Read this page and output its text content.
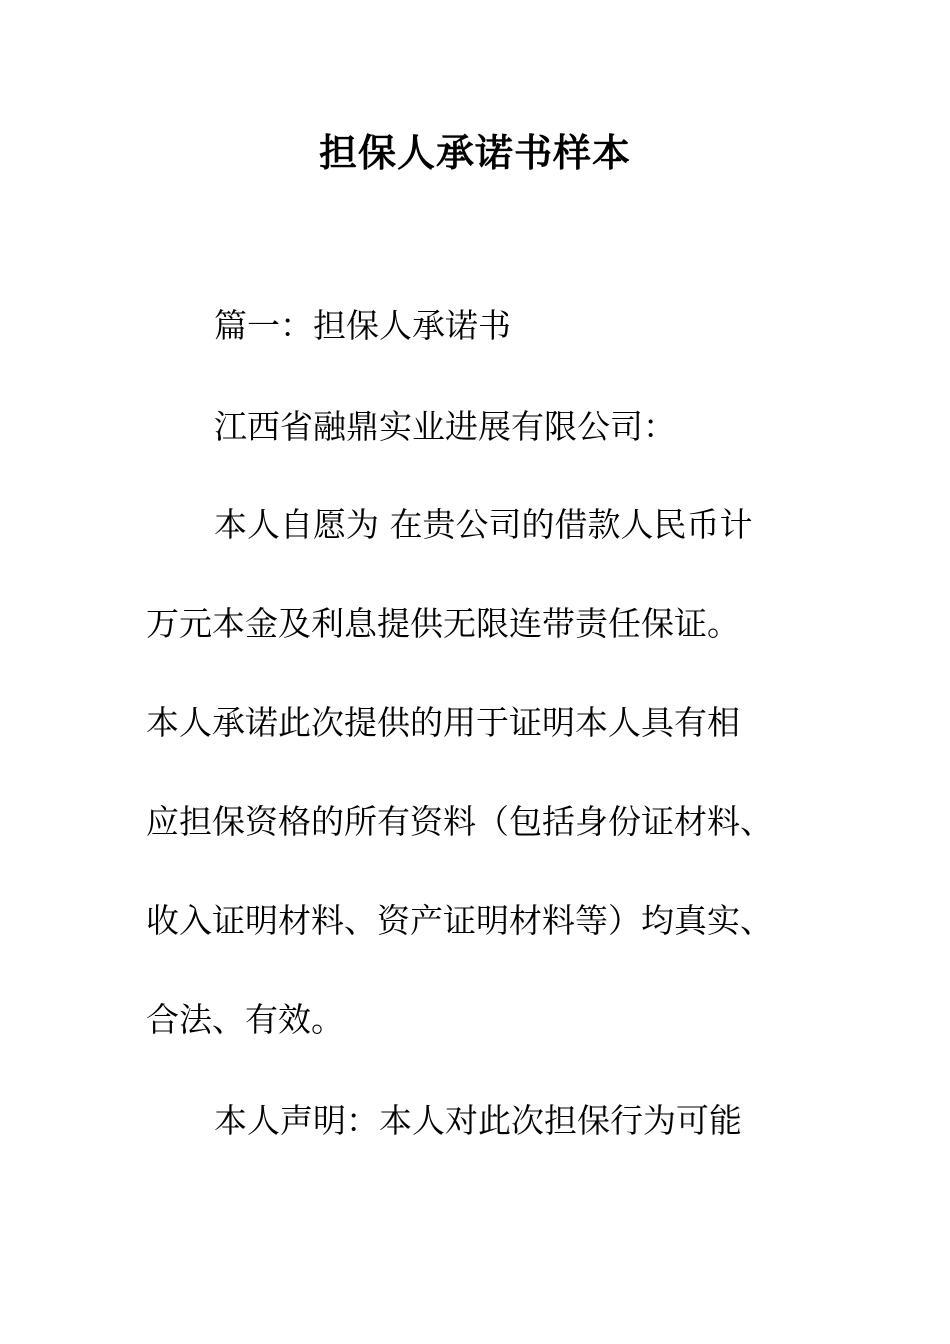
担保人承诺书样本
篇一：担保人承诺书
江西省融鼎实业进展有限公司：
本人自愿为 在贵公司的借款人民币计
万元本金及利息提供无限连带责任保证。
本人承诺此次提供的用于证明本人具有相
应担保资格的所有资料（包括身份证材料、
收入证明材料、资产证明材料等）均真实、
合法、有效。
本人声明：本人对此次担保行为可能
